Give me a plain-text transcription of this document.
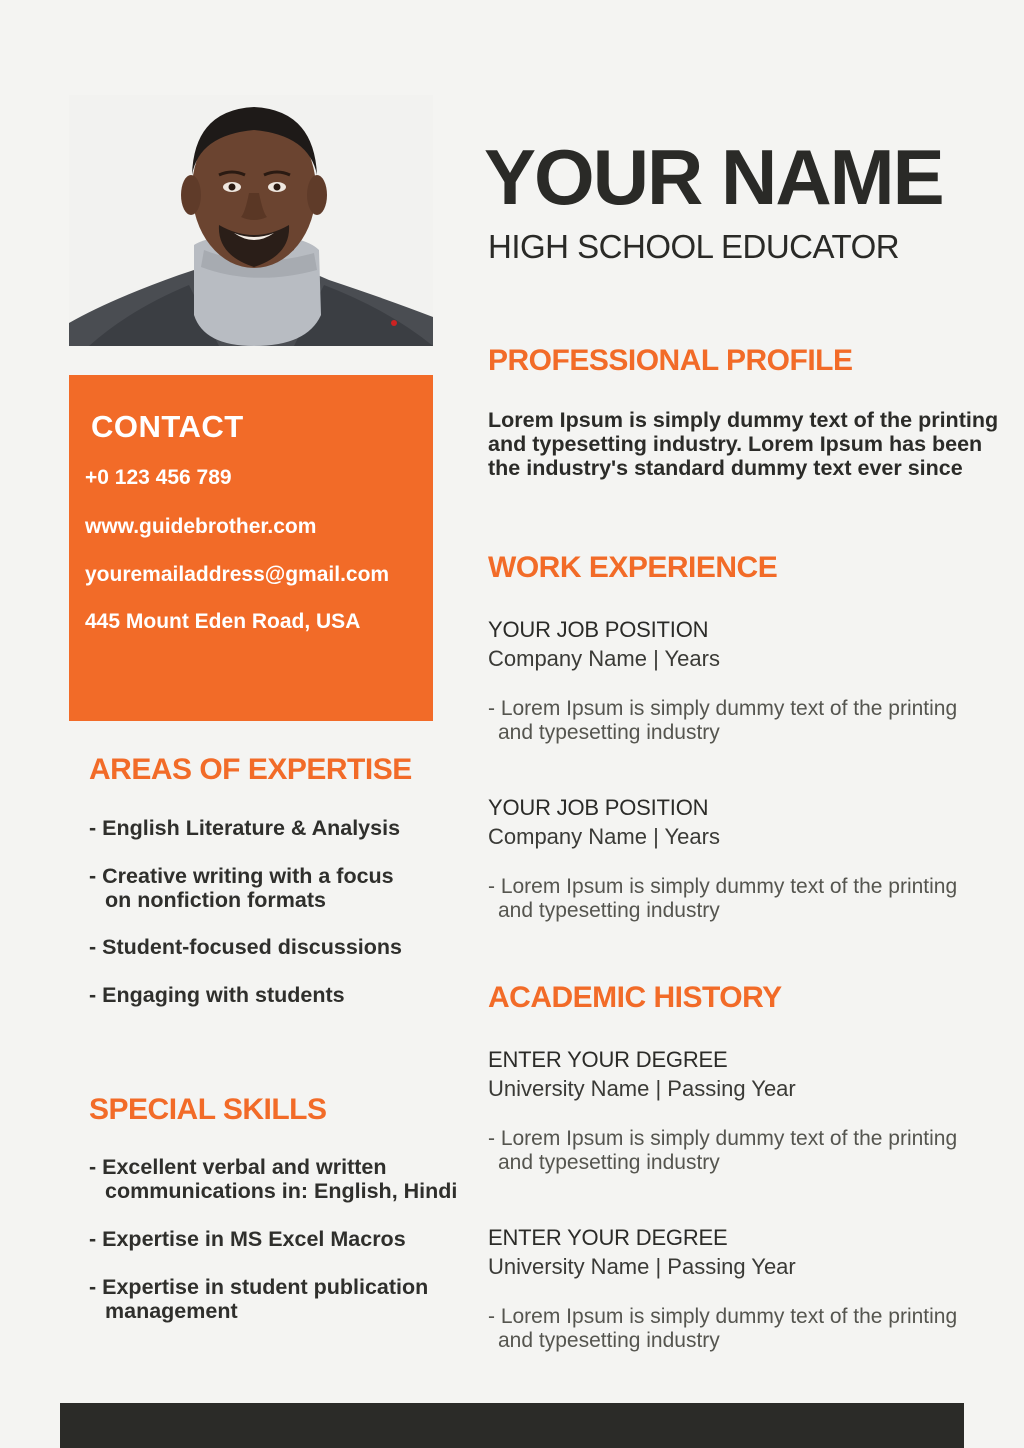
CONTACT
+0 123 456 789
www.guidebrother.com
youremailaddress@gmail.com
445 Mount Eden Road, USA
YOUR NAME
HIGH SCHOOL EDUCATOR
PROFESSIONAL PROFILE
Lorem Ipsum is simply dummy text of the printing and typesetting industry. Lorem Ipsum has been the industry's standard dummy text ever since
WORK EXPERIENCE
YOUR JOB POSITION
Company Name | Years
- Lorem Ipsum is simply dummy text of the printing
and typesetting industry
YOUR JOB POSITION
Company Name | Years
- Lorem Ipsum is simply dummy text of the printing
and typesetting industry
ACADEMIC HISTORY
ENTER YOUR DEGREE
University Name | Passing Year
- Lorem Ipsum is simply dummy text of the printing
and typesetting industry
ENTER YOUR DEGREE
University Name | Passing Year
- Lorem Ipsum is simply dummy text of the printing
and typesetting industry
AREAS OF EXPERTISE
- English Literature & Analysis
- Creative writing with a focus
on nonfiction formats
- Student-focused discussions
- Engaging with students
SPECIAL SKILLS
- Excellent verbal and written
communications in: English, Hindi
- Expertise in MS Excel Macros
- Expertise in student publication
management
